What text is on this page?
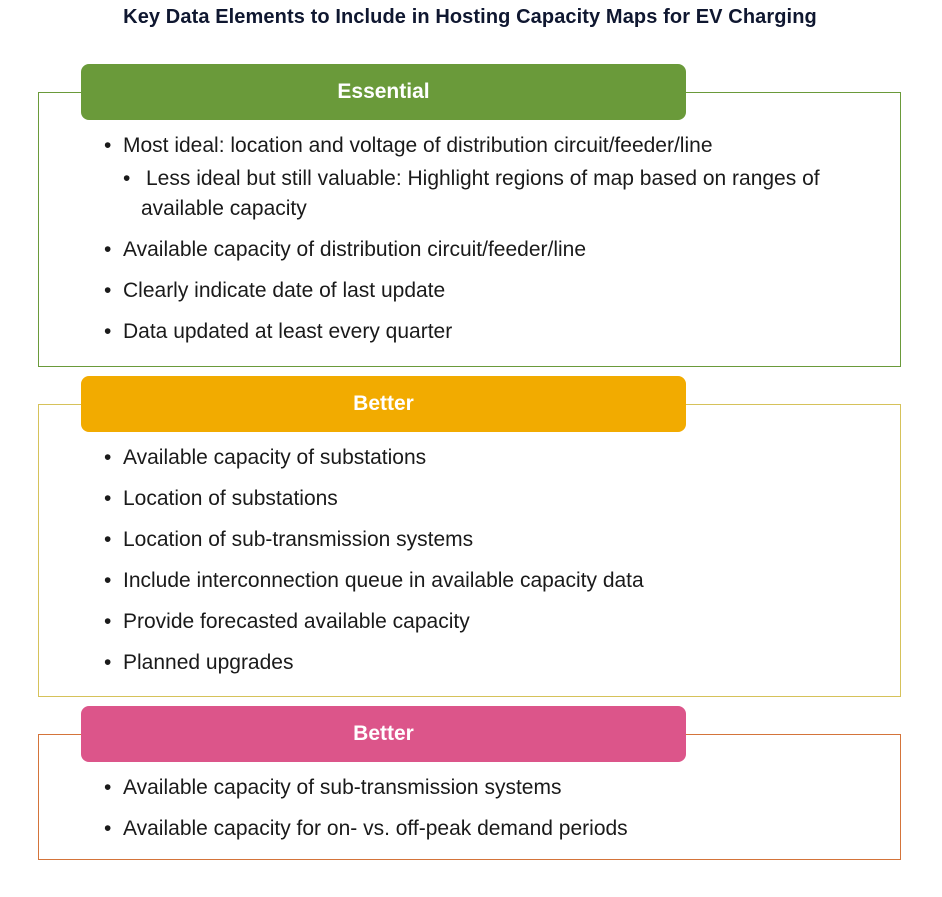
Key Data Elements to Include in Hosting Capacity Maps for EV Charging
Essential
• Most ideal: location and voltage of distribution circuit/feeder/line
• Less ideal but still valuable: Highlight regions of map based on ranges of available capacity
• Available capacity of distribution circuit/feeder/line
• Clearly indicate date of last update
• Data updated at least every quarter
Better
• Available capacity of substations
• Location of substations
• Location of sub-transmission systems
• Include interconnection queue in available capacity data
• Provide forecasted available capacity
• Planned upgrades
Better
• Available capacity of sub-transmission systems
• Available capacity for on- vs. off-peak demand periods
